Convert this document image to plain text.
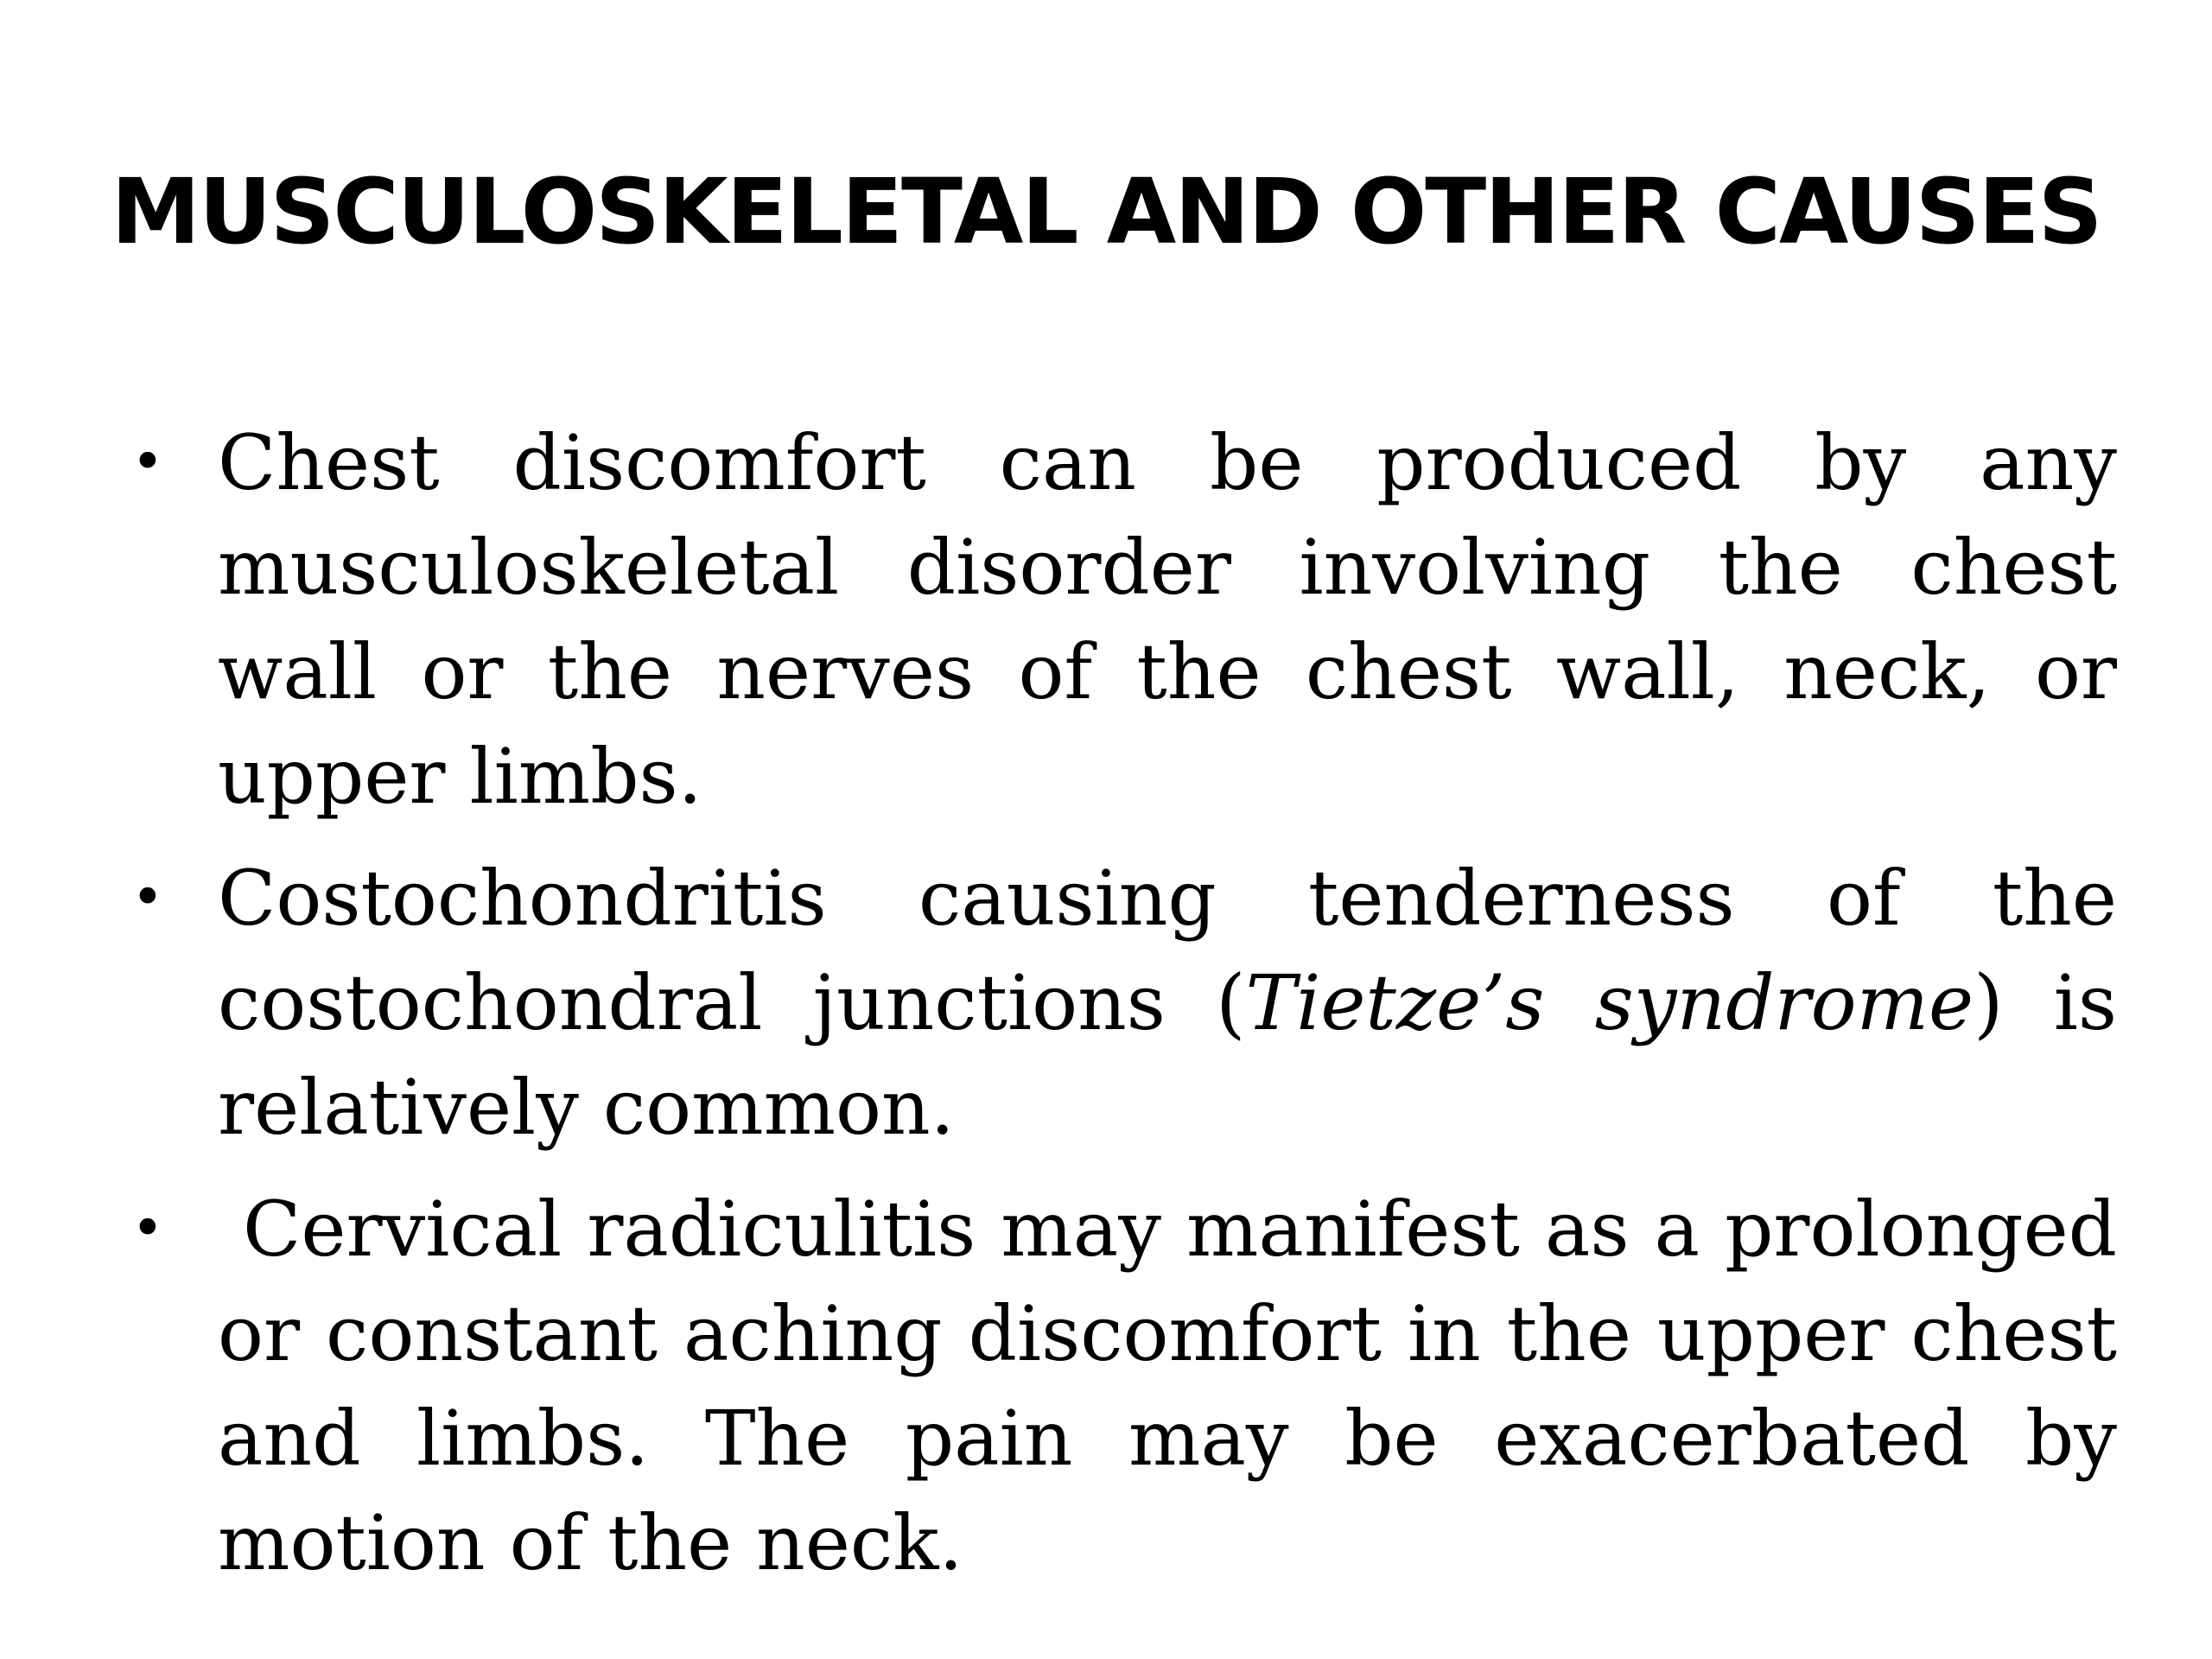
MUSCULOSKELETAL AND OTHER CAUSES
• Chest discomfort can be produced by any musculoskeletal disorder involving the chest wall or the nerves of the chest wall, neck, or upper limbs.
• Costochondritis causing tenderness of the costochondral junctions (Tietze’s syndrome) is relatively common.
•  Cervical radiculitis may manifest as a prolonged or constant aching discomfort in the upper chest and limbs. The pain may be exacerbated by motion of the neck.
